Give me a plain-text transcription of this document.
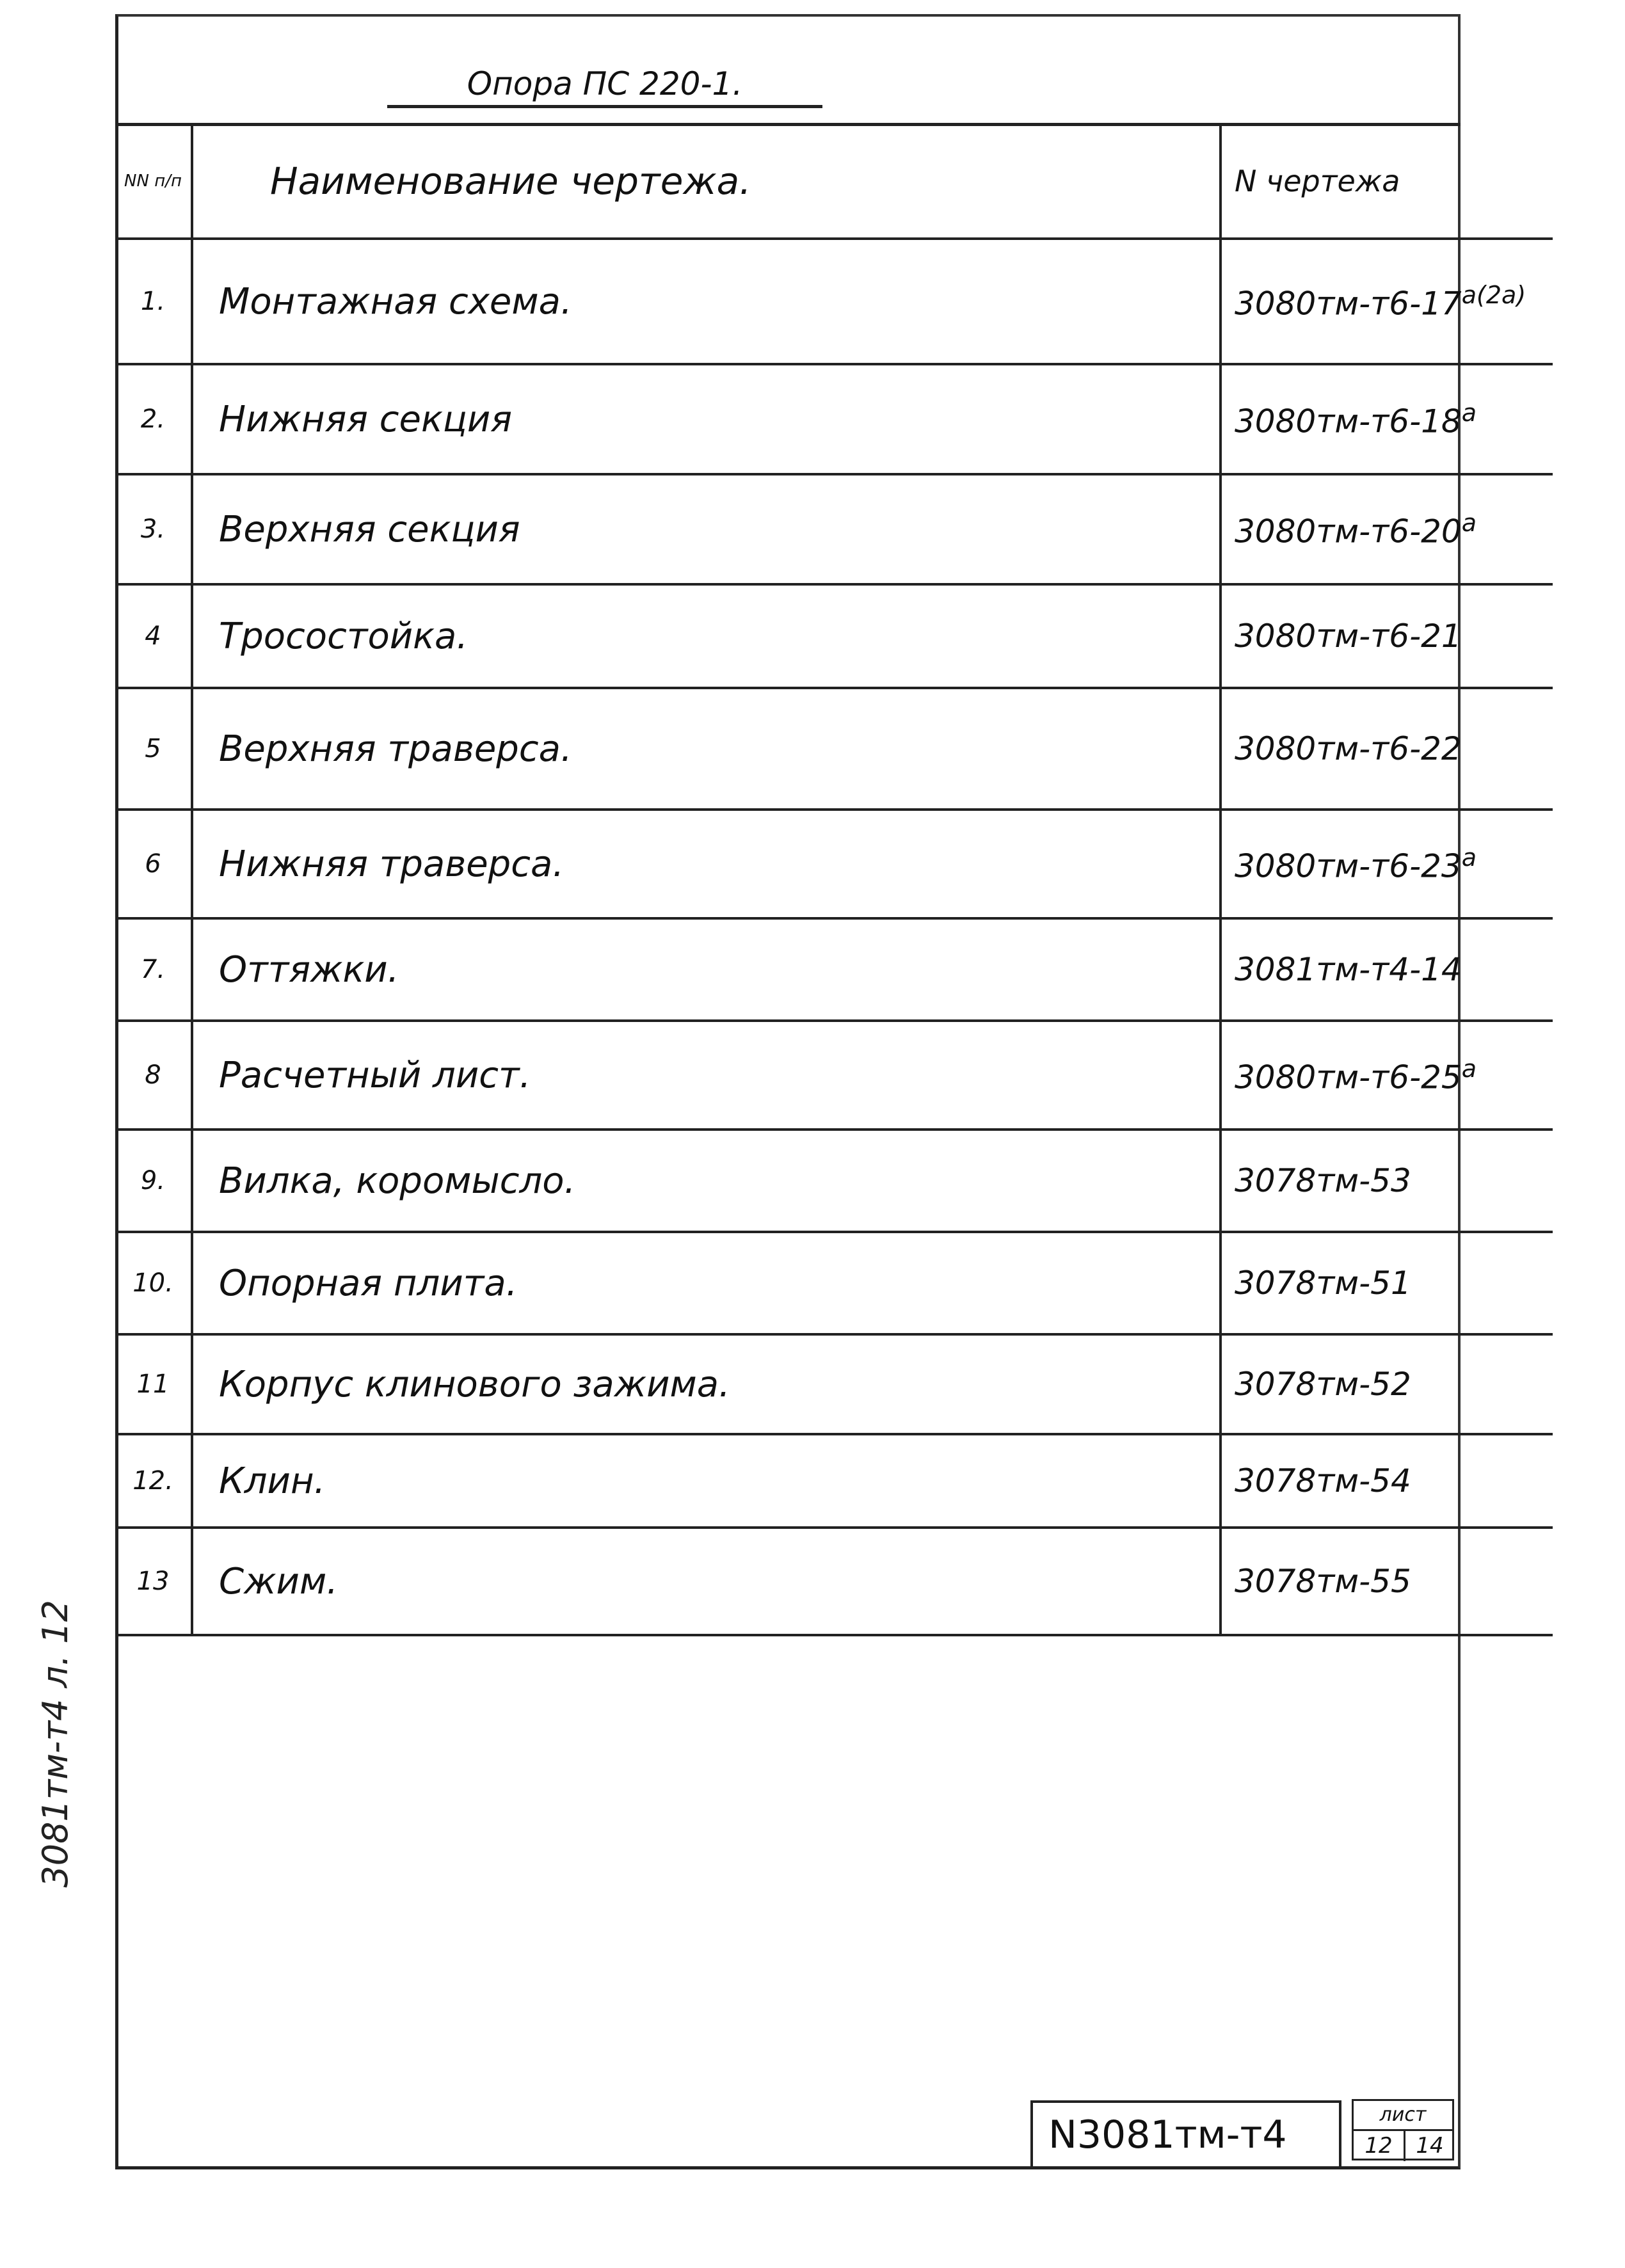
Опора ПС 220-1.
NN п/п	Наименование чертежа.	N чертежа
1.	Монтажная схема.	$3080тм-т6-17^{а(2а)}$
2.	Нижняя секция	$3080тм-т6-18^а$
3.	Верхняя секция	$3080тм-т6-20^а$
4	Тросостойка.	3080тм-т6-21
5	Верхняя траверса.	3080тм-т6-22
6	Нижняя траверса.	$3080тм-т6-23^а$
7.	Оттяжки.	3081тм-т4-14
8	Расчетный лист.	$3080тм-т6-25^а$
9.	Вилка, коромысло.	3078тм-53
10.	Опорная плита.	3078тм-51
11	Корпус клинового зажима.	3078тм-52
12.	Клин.	3078тм-54
13	Сжим.	3078тм-55
N3081тм-т4	лист
12	14
3081тм-т4 л. 12
